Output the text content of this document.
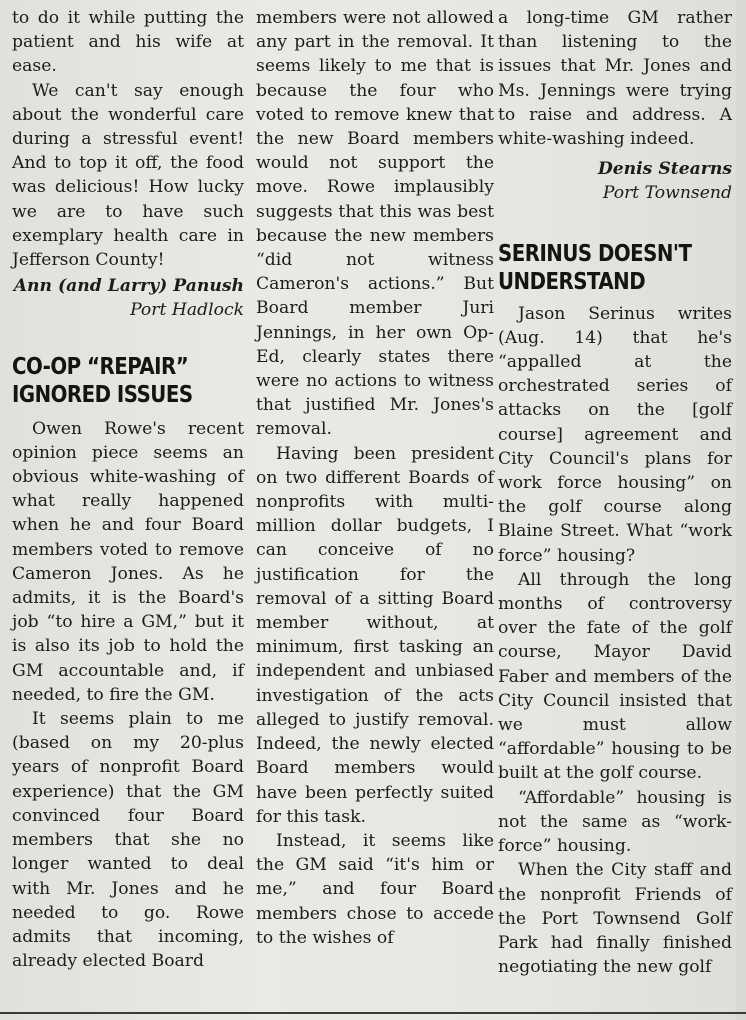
to do it while putting the patient and his wife at ease.

We can't say enough about the wonderful care during a stressful event! And to top it off, the food was delicious! How lucky we are to have such exemplary health care in Jefferson County!

Ann (and Larry) Panush
Port Hadlock

CO-OP “REPAIR”
IGNORED ISSUES

Owen Rowe's recent opinion piece seems an obvious white-washing of what really happened when he and four Board members voted to remove Cameron Jones. As he admits, it is the Board's job “to hire a GM,” but it is also its job to hold the GM accountable and, if needed, to fire the GM.

It seems plain to me (based on my 20-plus years of nonprofit Board experience) that the GM convinced four Board members that she no longer wanted to deal with Mr. Jones and he needed to go. Rowe admits that incoming, already elected Board

members were not allowed any part in the removal. It seems likely to me that is because the four who voted to remove knew that the new Board members would not support the move. Rowe implausibly suggests that this was best because the new members “did not witness Cameron's actions.” But Board member Juri Jennings, in her own Op-Ed, clearly states there were no actions to witness that justified Mr. Jones's removal.

Having been president on two different Boards of nonprofits with multi-million dollar budgets, I can conceive of no justification for the removal of a sitting Board member without, at minimum, first tasking an independent and unbiased investigation of the acts alleged to justify removal. Indeed, the newly elected Board members would have been perfectly suited for this task.

Instead, it seems like the GM said “it's him or me,” and four Board members chose to accede to the wishes of

a long-time GM rather than listening to the issues that Mr. Jones and Ms. Jennings were trying to raise and address. A white-washing indeed.

Denis Stearns
Port Townsend

SERINUS DOESN'T
UNDERSTAND

Jason Serinus writes (Aug. 14) that he's “appalled at the orchestrated series of attacks on the [golf course] agreement and City Council's plans for work force housing” on the golf course along Blaine Street. What “work force” housing?

All through the long months of controversy over the fate of the golf course, Mayor David Faber and members of the City Council insisted that we must allow “affordable” housing to be built at the golf course.

“Affordable” housing is not the same as “work-force” housing.

When the City staff and the nonprofit Friends of the Port Townsend Golf Park had finally finished negotiating the new golf
